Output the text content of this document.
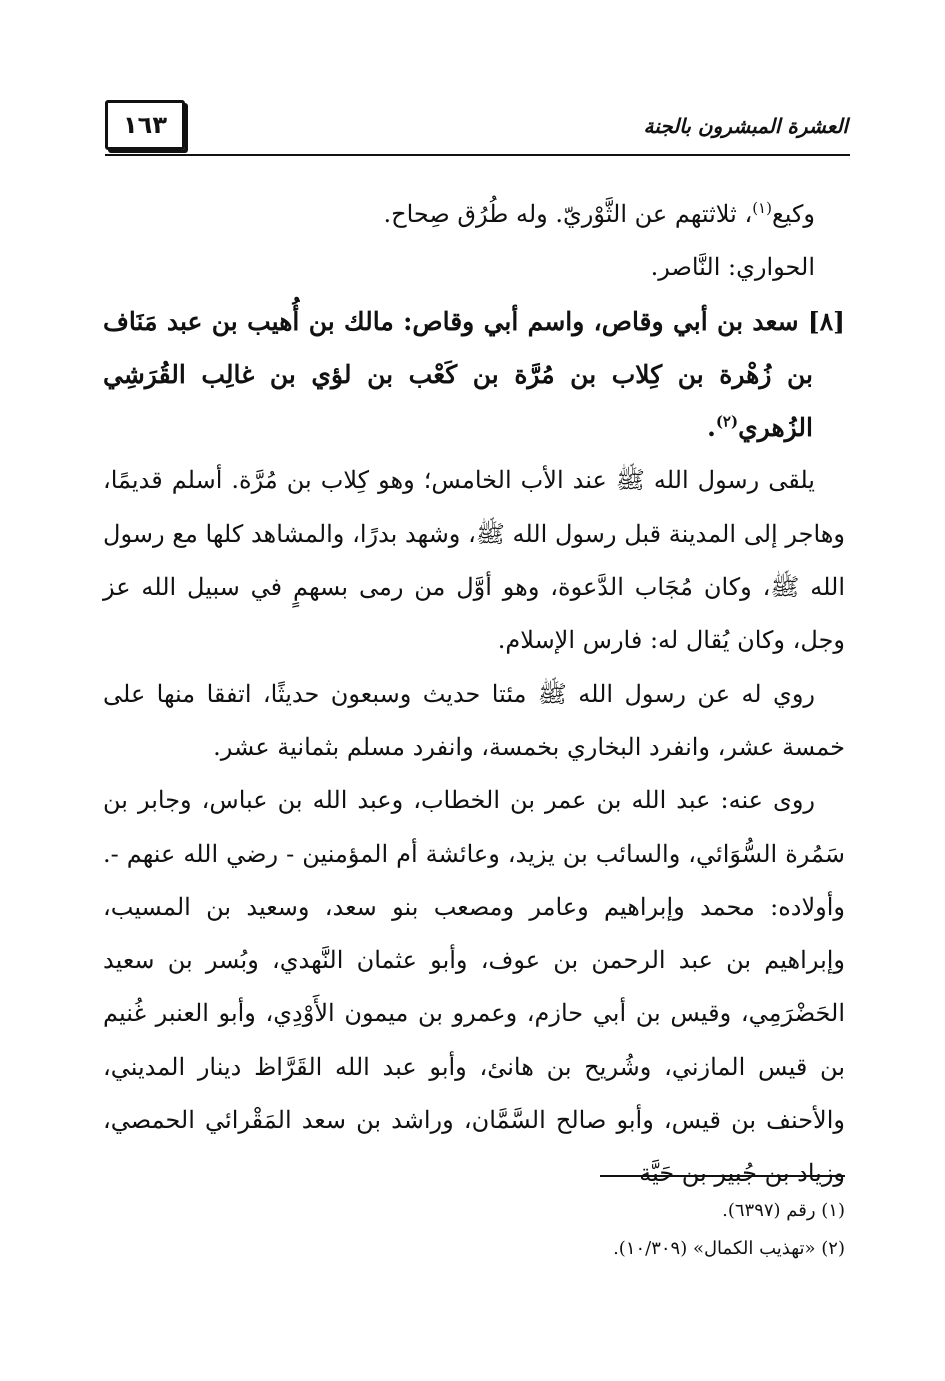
العشرة المبشرون بالجنة
١٦٣

وكيع$^{(١)}$، ثلاثتهم عن الثَّوْريّ. وله طُرُق صِحاح.

الحواري: النَّاصر.

[٨] سعد بن أبي وقاص، واسم أبي وقاص: مالك بن أُهيب بن عبد مَنَاف بن زُهْرة بن كِلاب بن مُرَّة بن كَعْب بن لؤي بن غالِب القُرَشِي الزُهري$^{(٢)}$.

يلقى رسول الله ﷺ عند الأب الخامس؛ وهو كِلاب بن مُرَّة. أسلم قديمًا، وهاجر إلى المدينة قبل رسول الله ﷺ، وشهد بدرًا، والمشاهد كلها مع رسول الله ﷺ، وكان مُجَاب الدَّعوة، وهو أوَّل من رمى بسهمٍ في سبيل الله عز وجل، وكان يُقال له: فارس الإسلام.

روي له عن رسول الله ﷺ مئتا حديث وسبعون حديثًا، اتفقا منها على خمسة عشر، وانفرد البخاري بخمسة، وانفرد مسلم بثمانية عشر.

روى عنه: عبد الله بن عمر بن الخطاب، وعبد الله بن عباس، وجابر بن سَمُرة السُّوَائي، والسائب بن يزيد، وعائشة أم المؤمنين - رضي الله عنهم -. وأولاده: محمد وإبراهيم وعامر ومصعب بنو سعد، وسعيد بن المسيب، وإبراهيم بن عبد الرحمن بن عوف، وأبو عثمان النَّهدي، وبُسر بن سعيد الحَضْرَمِي، وقيس بن أبي حازم، وعمرو بن ميمون الأَوْدِي، وأبو العنبر غُنيم بن قيس المازني، وشُريح بن هانئ، وأبو عبد الله القَرَّاظ دينار المديني، والأحنف بن قيس، وأبو صالح السَّمَّان، وراشد بن سعد المَقْرائي الحمصي، وزياد بن جُبير بن حَيَّة

(١) رقم (٦٣٩٧).

(٢) «تهذيب الكمال» (١٠/٣٠٩).
